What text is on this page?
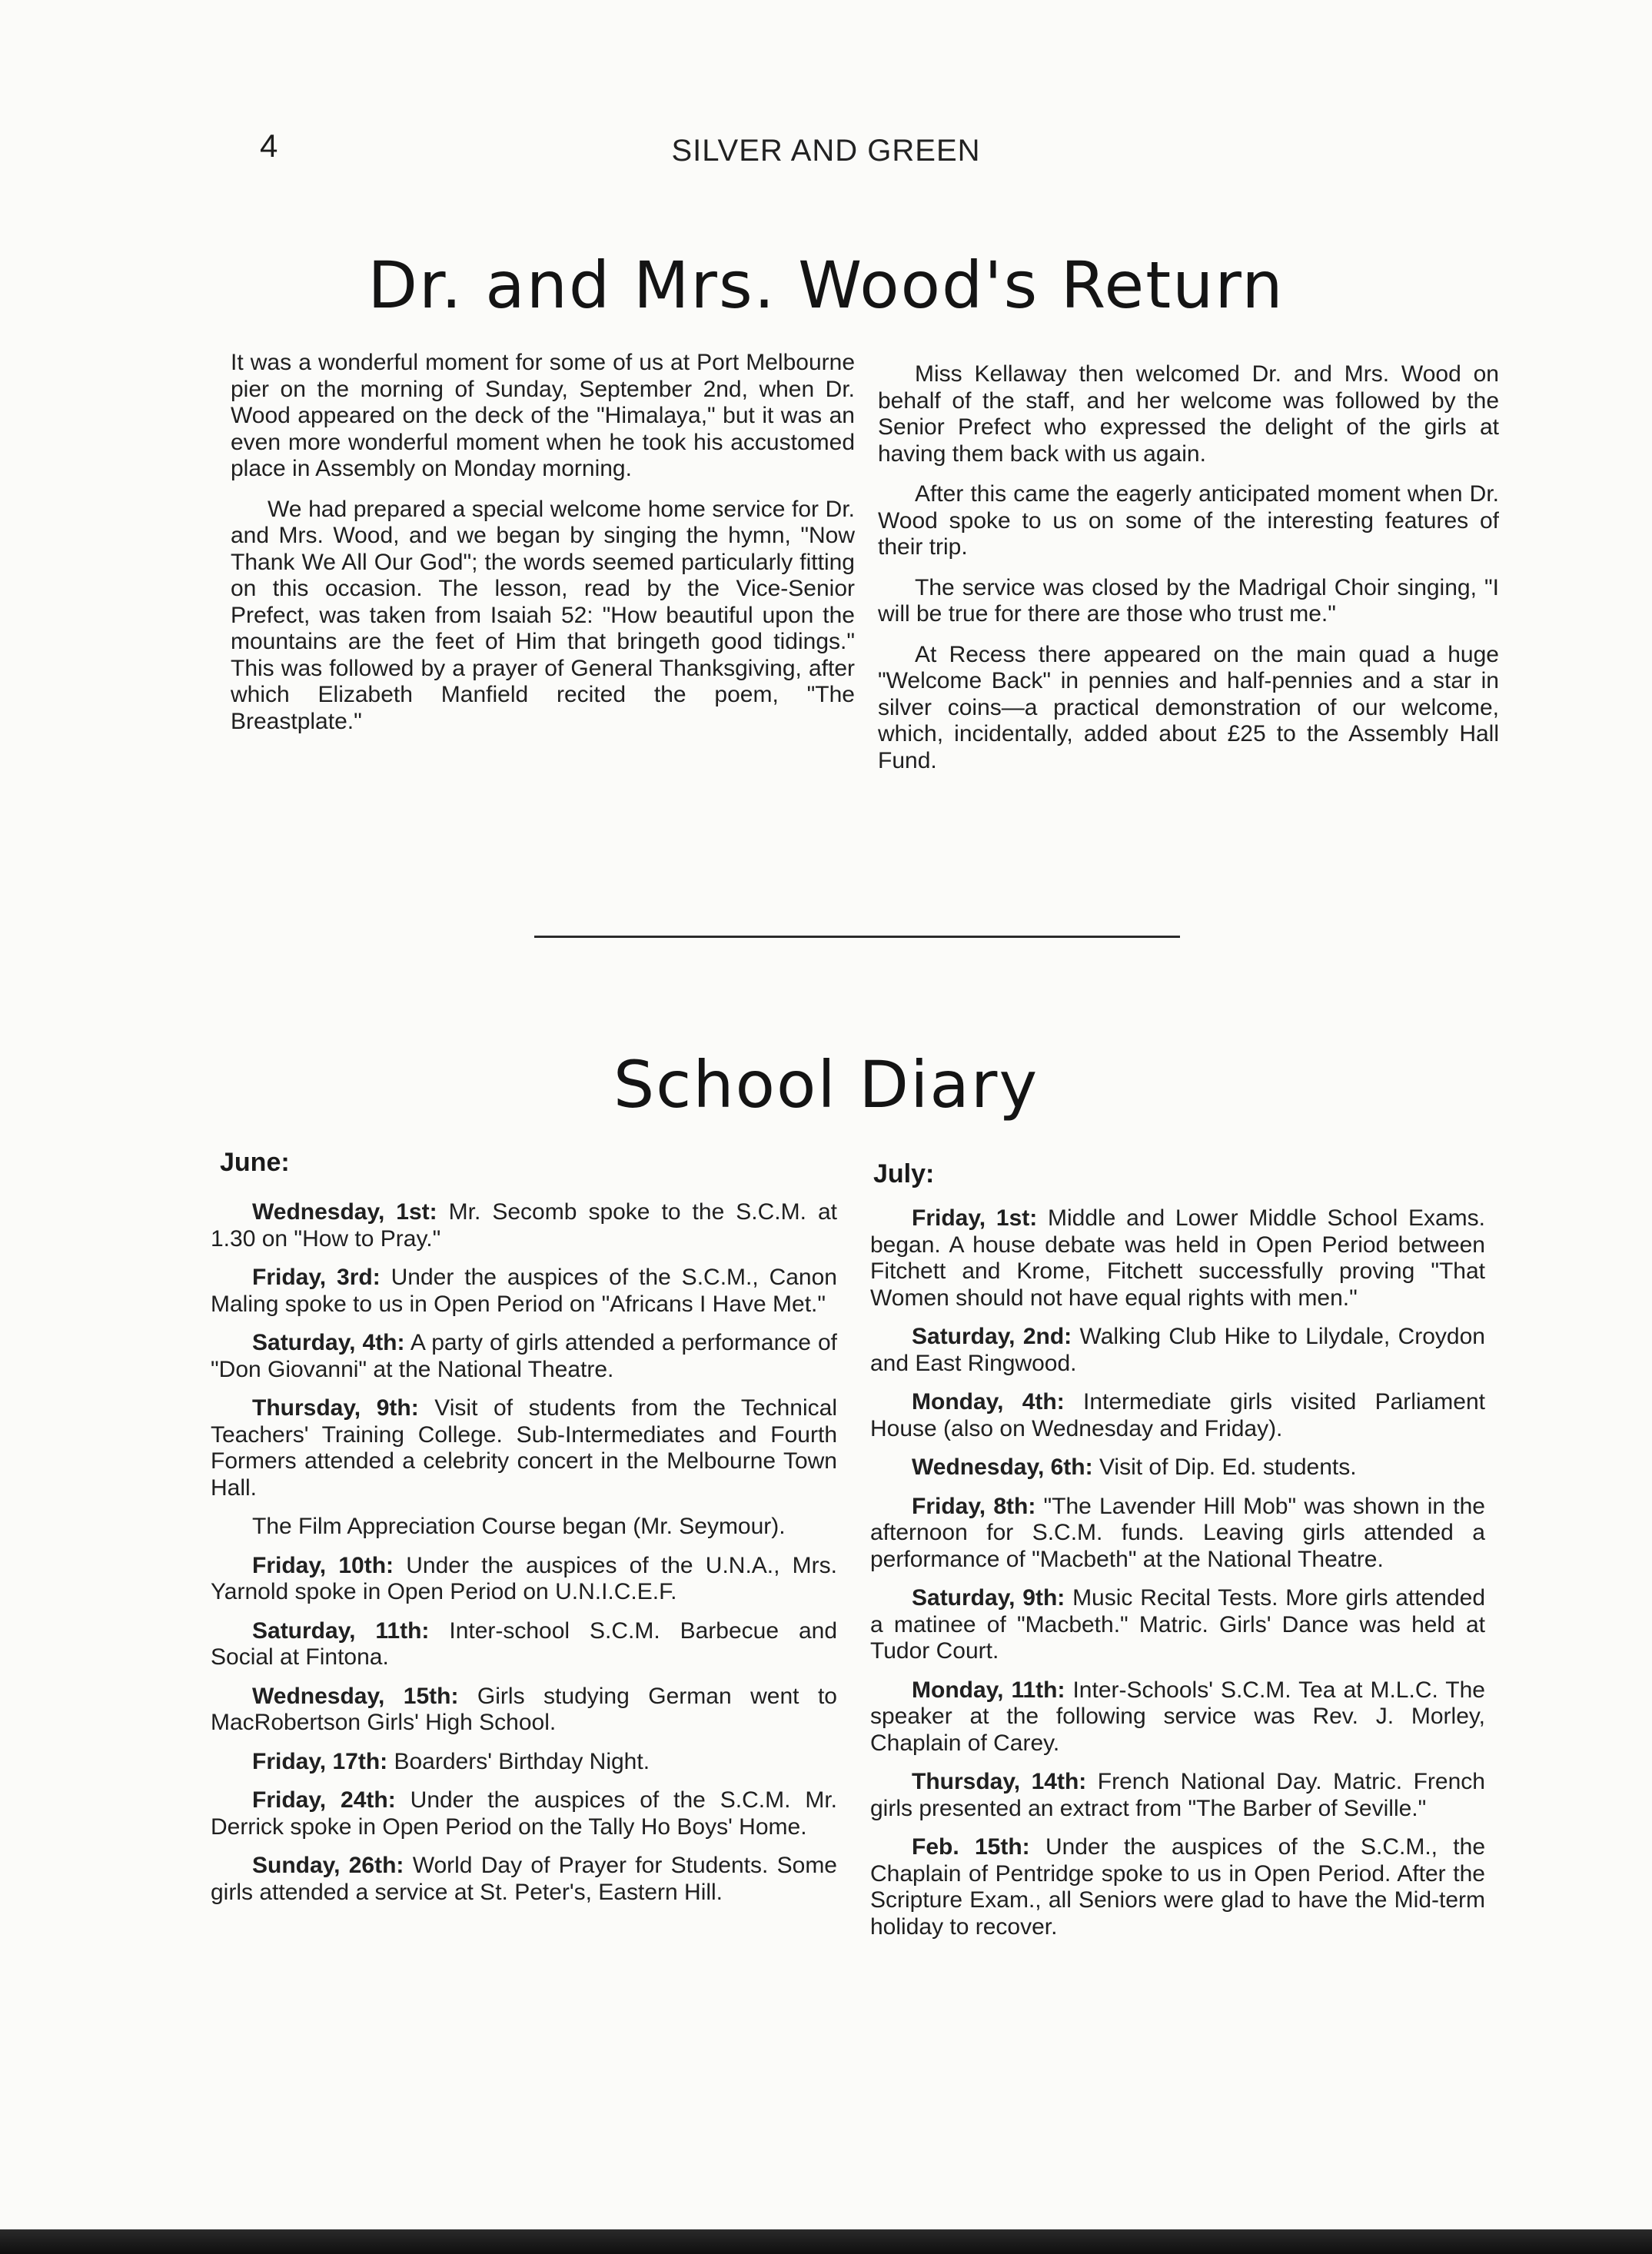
4	SILVER AND GREEN
Dr. and Mrs. Wood's Return

It was a wonderful moment for some of us at Port Melbourne pier on the morning of Sunday, September 2nd, when Dr. Wood appeared on the deck of the "Himalaya," but it was an even more wonderful moment when he took his accustomed place in Assembly on Monday morning.

We had prepared a special welcome home service for Dr. and Mrs. Wood, and we began by singing the hymn, "Now Thank We All Our God"; the words seemed particularly fitting on this occasion. The lesson, read by the Vice-Senior Prefect, was taken from Isaiah 52: "How beautiful upon the mountains are the feet of Him that bringeth good tidings." This was followed by a prayer of General Thanksgiving, after which Elizabeth Manfield recited the poem, "The Breastplate."

Miss Kellaway then welcomed Dr. and Mrs. Wood on behalf of the staff, and her welcome was followed by the Senior Prefect who expressed the delight of the girls at having them back with us again.

After this came the eagerly anticipated moment when Dr. Wood spoke to us on some of the interesting features of their trip.

The service was closed by the Madrigal Choir singing, "I will be true for there are those who trust me."

At Recess there appeared on the main quad a huge "Welcome Back" in pennies and half-pennies and a star in silver coins—a practical demonstration of our welcome, which, incidentally, added about £25 to the Assembly Hall Fund.

School Diary
June:	July:

Wednesday, 1st: Mr. Secomb spoke to the S.C.M. at 1.30 on "How to Pray."

Friday, 3rd: Under the auspices of the S.C.M., Canon Maling spoke to us in Open Period on "Africans I Have Met."

Saturday, 4th: A party of girls attended a performance of "Don Giovanni" at the National Theatre.

Thursday, 9th: Visit of students from the Technical Teachers' Training College. Sub-Intermediates and Fourth Formers attended a celebrity concert in the Melbourne Town Hall.

The Film Appreciation Course began (Mr. Seymour).

Friday, 10th: Under the auspices of the U.N.A., Mrs. Yarnold spoke in Open Period on U.N.I.C.E.F.

Saturday, 11th: Inter-school S.C.M. Barbecue and Social at Fintona.

Wednesday, 15th: Girls studying German went to MacRobertson Girls' High School.

Friday, 17th: Boarders' Birthday Night.

Friday, 24th: Under the auspices of the S.C.M. Mr. Derrick spoke in Open Period on the Tally Ho Boys' Home.

Sunday, 26th: World Day of Prayer for Students. Some girls attended a service at St. Peter's, Eastern Hill.

Friday, 1st: Middle and Lower Middle School Exams. began. A house debate was held in Open Period between Fitchett and Krome, Fitchett successfully proving "That Women should not have equal rights with men."

Saturday, 2nd: Walking Club Hike to Lilydale, Croydon and East Ringwood.

Monday, 4th: Intermediate girls visited Parliament House (also on Wednesday and Friday).

Wednesday, 6th: Visit of Dip. Ed. students.

Friday, 8th: "The Lavender Hill Mob" was shown in the afternoon for S.C.M. funds. Leaving girls attended a performance of "Macbeth" at the National Theatre.

Saturday, 9th: Music Recital Tests. More girls attended a matinee of "Macbeth." Matric. Girls' Dance was held at Tudor Court.

Monday, 11th: Inter-Schools' S.C.M. Tea at M.L.C. The speaker at the following service was Rev. J. Morley, Chaplain of Carey.

Thursday, 14th: French National Day. Matric. French girls presented an extract from "The Barber of Seville."

Feb. 15th: Under the auspices of the S.C.M., the Chaplain of Pentridge spoke to us in Open Period. After the Scripture Exam., all Seniors were glad to have the Mid-term holiday to recover.
